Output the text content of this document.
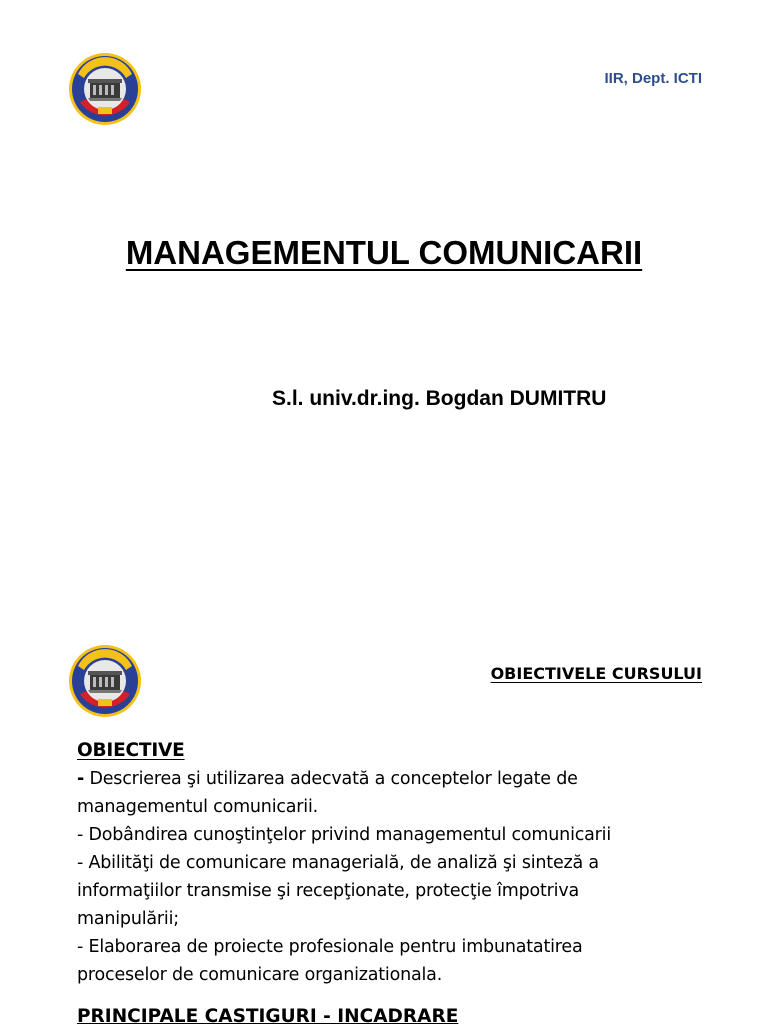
IIR, Dept. ICTI
MANAGEMENTUL COMUNICARII
S.l. univ.dr.ing. Bogdan DUMITRU
OBIECTIVELE CURSULUI
OBIECTIVE
- Descrierea şi utilizarea adecvată a conceptelor legate de
managementul comunicarii.
- Dobândirea cunoştinţelor privind managementul comunicarii
- Abilităţi de comunicare managerială, de analiză şi sinteză a
informaţiilor transmise şi recepţionate, protecţie împotriva
manipulării;
- Elaborarea de proiecte profesionale pentru imbunatatirea
proceselor de comunicare organizationala.
PRINCIPALE CASTIGURI - INCADRARE
